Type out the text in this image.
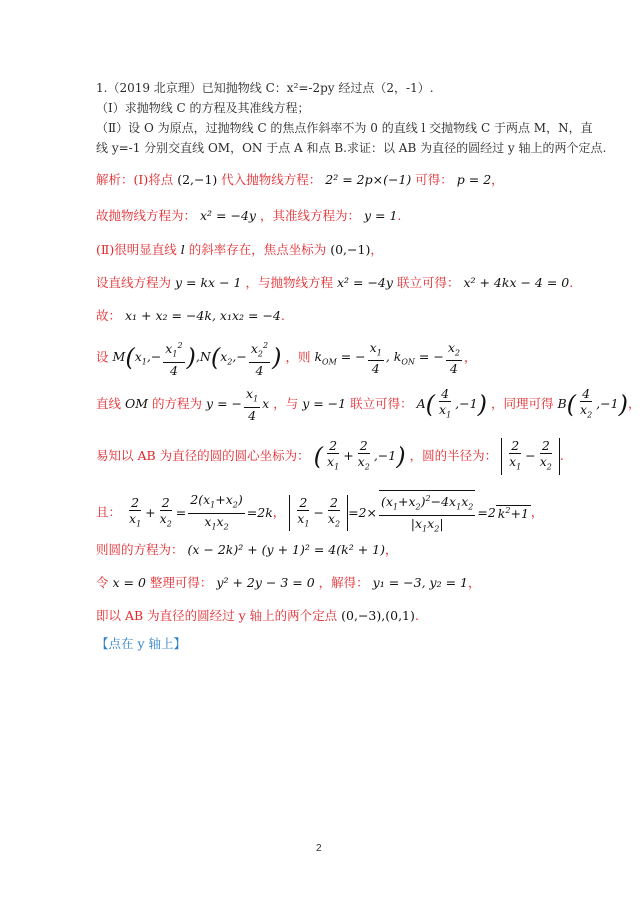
1.（2019 北京理）已知抛物线 C：x²=-2py 经过点（2，-1）.
（Ⅰ）求抛物线 C 的方程及其准线方程；
（Ⅱ）设 O 为原点，过抛物线 C 的焦点作斜率不为 0 的直线 l 交抛物线 C 于两点 M，N，直
线 y=-1 分别交直线 OM，ON 于点 A 和点 B.求证：以 AB 为直径的圆经过 y 轴上的两个定点.
解析：(Ⅰ)将点 (2,−1) 代入抛物线方程： 2² = 2p×(−1) 可得： p = 2，
故抛物线方程为： x² = −4y ，其准线方程为： y = 1.
(Ⅱ)很明显直线 l 的斜率存在，焦点坐标为 (0,−1)，
设直线方程为 y = kx − 1 ，与抛物线方程 x² = −4y 联立可得： x² + 4kx − 4 = 0.
故： x₁ + x₂ = −4k, x₁x₂ = −4.
设 $M(x_1,- \frac{x_1^2}{4} ),N(x_2,- \frac{x_2^2}{4}$ ) ，则 $k_{OM}$ = − $\frac{x_1}{4}$ , $k_{ON}$ = − $\frac{x_2}{4}$ ，
直线 OM 的方程为 y = − $\frac{x_1}{4}$ x ，与 y = −1 联立可得： $A( \frac{4}{x_1} ,-1)$ ，同理可得 $B( \frac{4}{x_2} ,-1)$，
易知以 AB 为直径的圆的圆心坐标为： ( $\frac{2}{x_1} + \frac{2}{x_2} ,-1$) ，圆的半径为： $\frac{2}{x_1} - \frac{2}{x_2}$ .
且： $\frac{2}{x_1} + \frac{2}{x_2} = \frac{2(x_1+x_2)}{x_1x_2} =2k$， $\frac{2}{x_1} - \frac{2}{x_2} =2\times \frac{(x_1+x_2)^2-4x_1x_2}{|x_1x_2|} =2$ $k^2+1$ ，
则圆的方程为： (x − 2k)² + (y + 1)² = 4(k² + 1)，
令 x = 0 整理可得： y² + 2y − 3 = 0 ，解得： y₁ = −3, y₂ = 1，
即以 AB 为直径的圆经过 y 轴上的两个定点 (0,−3),(0,1).
【点在 y 轴上】
2
